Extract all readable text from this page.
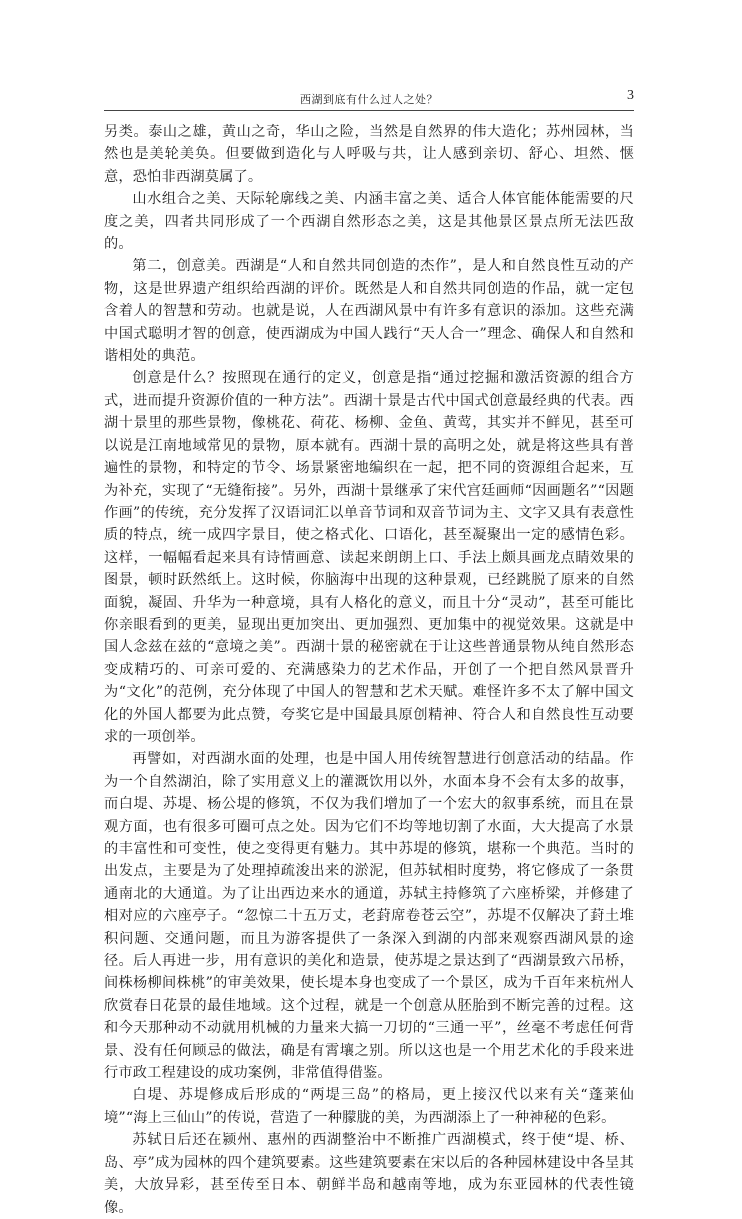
西湖到底有什么过人之处？	3

另类。泰山之雄，黄山之奇，华山之险，当然是自然界的伟大造化；苏州园林，当然也是美轮美奂。但要做到造化与人呼吸与共，让人感到亲切、舒心、坦然、惬意，恐怕非西湖莫属了。

山水组合之美、天际轮廓线之美、内涵丰富之美、适合人体官能体能需要的尺度之美，四者共同形成了一个西湖自然形态之美，这是其他景区景点所无法匹敌的。

第二，创意美。西湖是“人和自然共同创造的杰作”，是人和自然良性互动的产物，这是世界遗产组织给西湖的评价。既然是人和自然共同创造的作品，就一定包含着人的智慧和劳动。也就是说，人在西湖风景中有许多有意识的添加。这些充满中国式聪明才智的创意，使西湖成为中国人践行“天人合一”理念、确保人和自然和谐相处的典范。

创意是什么？按照现在通行的定义，创意是指“通过挖掘和激活资源的组合方式，进而提升资源价值的一种方法”。西湖十景是古代中国式创意最经典的代表。西湖十景里的那些景物，像桃花、荷花、杨柳、金鱼、黄莺，其实并不鲜见，甚至可以说是江南地域常见的景物，原本就有。西湖十景的高明之处，就是将这些具有普遍性的景物，和特定的节令、场景紧密地编织在一起，把不同的资源组合起来，互为补充，实现了“无缝衔接”。另外，西湖十景继承了宋代宫廷画师“因画题名”“因题作画”的传统，充分发挥了汉语词汇以单音节词和双音节词为主、文字又具有表意性质的特点，统一成四字景目，使之格式化、口语化，甚至凝聚出一定的感情色彩。这样，一幅幅看起来具有诗情画意、读起来朗朗上口、手法上颇具画龙点睛效果的图景，顿时跃然纸上。这时候，你脑海中出现的这种景观，已经跳脱了原来的自然面貌，凝固、升华为一种意境，具有人格化的意义，而且十分“灵动”，甚至可能比你亲眼看到的更美，显现出更加突出、更加强烈、更加集中的视觉效果。这就是中国人念兹在兹的“意境之美”。西湖十景的秘密就在于让这些普通景物从纯自然形态变成精巧的、可亲可爱的、充满感染力的艺术作品，开创了一个把自然风景晋升为“文化”的范例，充分体现了中国人的智慧和艺术天赋。难怪许多不太了解中国文化的外国人都要为此点赞，夸奖它是中国最具原创精神、符合人和自然良性互动要求的一项创举。

再譬如，对西湖水面的处理，也是中国人用传统智慧进行创意活动的结晶。作为一个自然湖泊，除了实用意义上的灌溉饮用以外，水面本身不会有太多的故事，而白堤、苏堤、杨公堤的修筑，不仅为我们增加了一个宏大的叙事系统，而且在景观方面，也有很多可圈可点之处。因为它们不均等地切割了水面，大大提高了水景的丰富性和可变性，使之变得更有魅力。其中苏堤的修筑，堪称一个典范。当时的出发点，主要是为了处理掉疏浚出来的淤泥，但苏轼相时度势，将它修成了一条贯通南北的大通道。为了让出西边来水的通道，苏轼主持修筑了六座桥梁，并修建了相对应的六座亭子。“忽惊二十五万丈，老葑席卷苍云空”，苏堤不仅解决了葑土堆积问题、交通问题，而且为游客提供了一条深入到湖的内部来观察西湖风景的途径。后人再进一步，用有意识的美化和造景，使苏堤之景达到了“西湖景致六吊桥，间株杨柳间株桃”的审美效果，使长堤本身也变成了一个景区，成为千百年来杭州人欣赏春日花景的最佳地域。这个过程，就是一个创意从胚胎到不断完善的过程。这和今天那种动不动就用机械的力量来大搞一刀切的“三通一平”，丝毫不考虑任何背景、没有任何顾忌的做法，确是有霄壤之别。所以这也是一个用艺术化的手段来进行市政工程建设的成功案例，非常值得借鉴。

白堤、苏堤修成后形成的“两堤三岛”的格局，更上接汉代以来有关“蓬莱仙境”“海上三仙山”的传说，营造了一种朦胧的美，为西湖添上了一种神秘的色彩。

苏轼日后还在颍州、惠州的西湖整治中不断推广西湖模式，终于使“堤、桥、岛、亭”成为园林的四个建筑要素。这些建筑要素在宋以后的各种园林建设中各呈其美，大放异彩，甚至传至日本、朝鲜半岛和越南等地，成为东亚园林的代表性镜像。
